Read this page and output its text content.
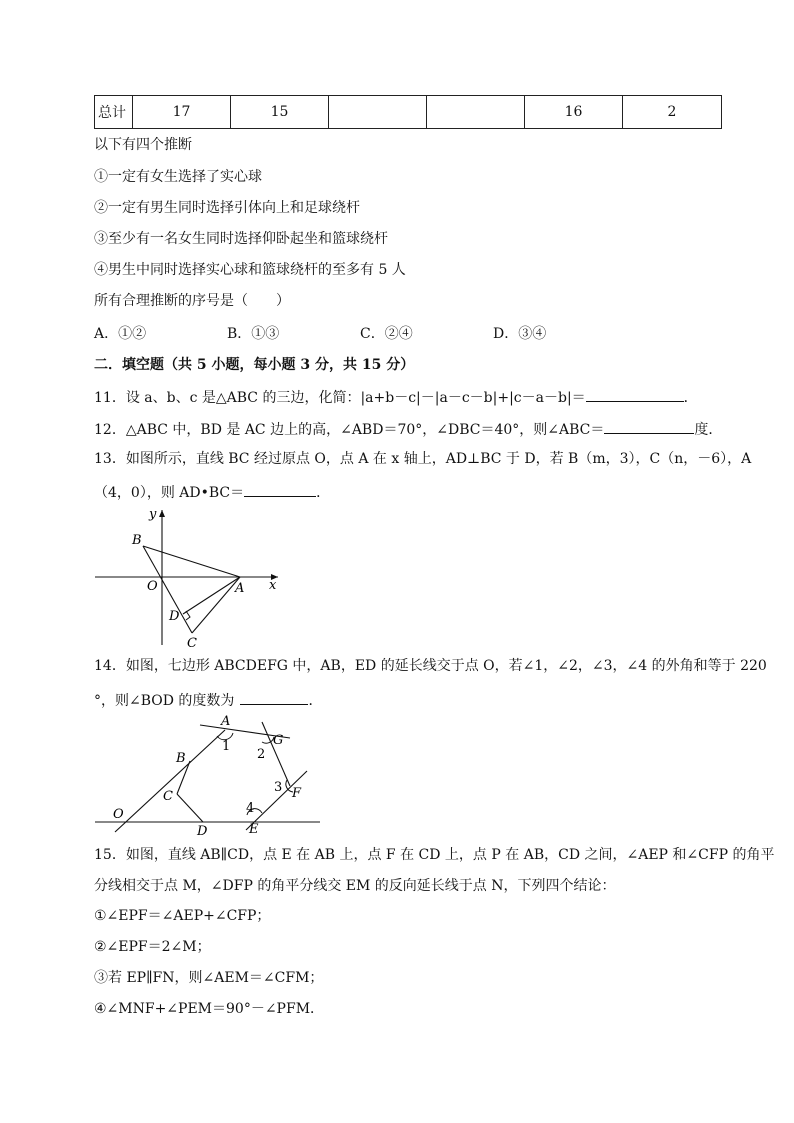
总计	17	15			16	2
以下有四个推断
①一定有女生选择了实心球
②一定有男生同时选择引体向上和足球绕杆
③至少有一名女生同时选择仰卧起坐和篮球绕杆
④男生中同时选择实心球和篮球绕杆的至多有 5 人
所有合理推断的序号是（　　）
A．①②	B．①③	C．②④	D．③④
二．填空题（共 5 小题，每小题 3 分，共 15 分）
11．设 a、b、c 是△ABC 的三边，化简：|a+b－c|－|a－c－b|+|c－a－b|＝	．
12．△ABC 中，BD 是 AC 边上的高，∠ABD＝70°，∠DBC＝40°，则∠ABC＝	度．
13．如图所示，直线 BC 经过原点 O，点 A 在 x 轴上，AD⊥BC 于 D，若 B（m，3），C（n，－6），A
（4，0），则 AD•BC＝	．
y
x
B
O	A
D
C
14．如图，七边形 ABCDEFG 中，AB，ED 的延长线交于点 O，若∠1，∠2，∠3，∠4 的外角和等于 220
°，则∠BOD 的度数为	．
A
G
B
C
O
D	E
F
1
2
3
4
15．如图，直线 AB∥CD，点 E 在 AB 上，点 F 在 CD 上，点 P 在 AB，CD 之间，∠AEP 和∠CFP 的角平
分线相交于点 M，∠DFP 的角平分线交 EM 的反向延长线于点 N，下列四个结论：
①∠EPF＝∠AEP+∠CFP；
②∠EPF＝2∠M；
③若 EP∥FN，则∠AEM＝∠CFM；
④∠MNF+∠PEM＝90°－∠PFM．
